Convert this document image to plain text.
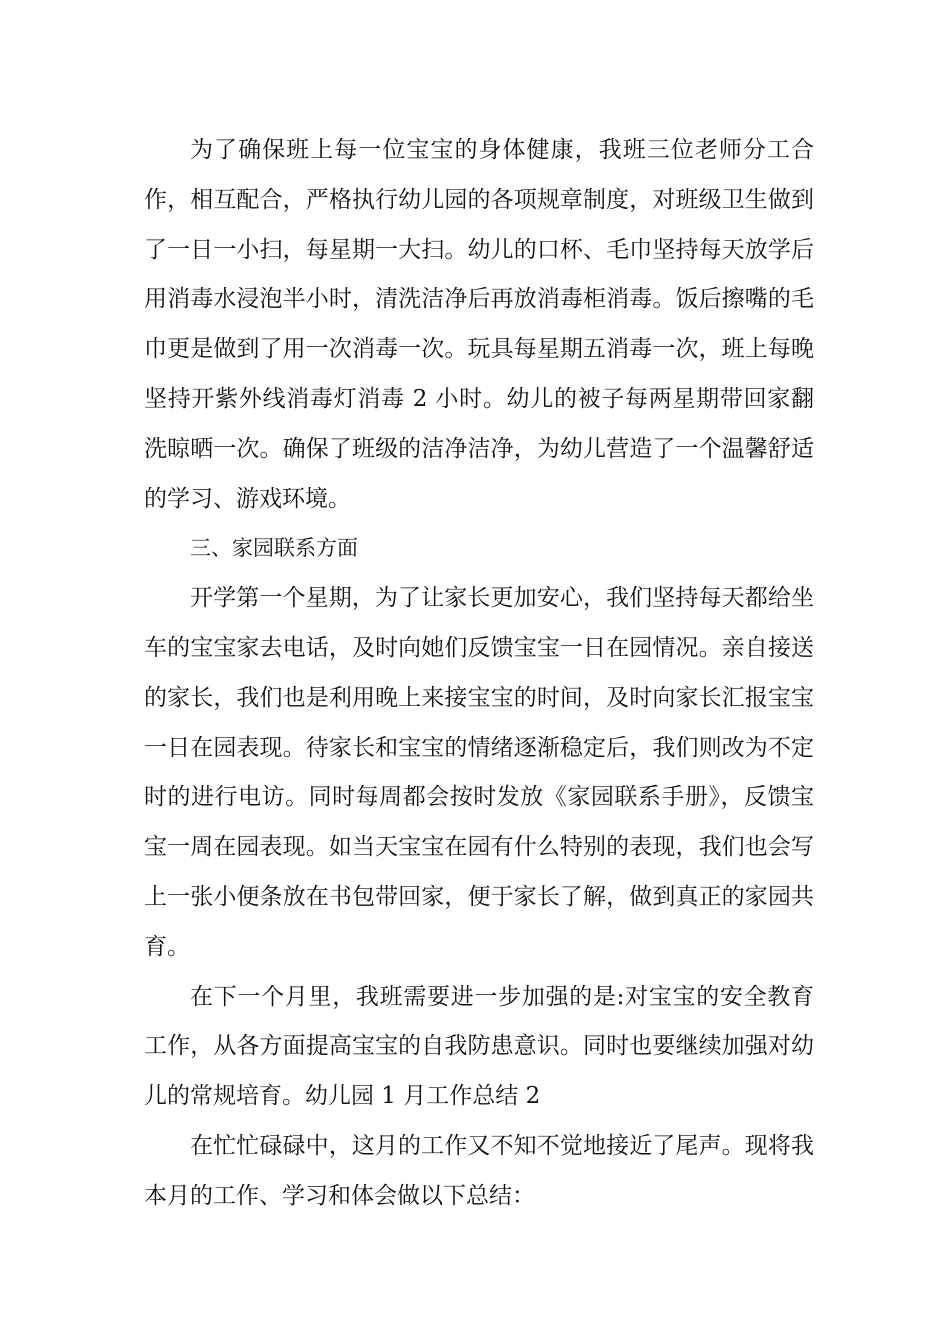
为了确保班上每一位宝宝的身体健康，我班三位老师分工合作，相互配合，严格执行幼儿园的各项规章制度，对班级卫生做到了一日一小扫，每星期一大扫。幼儿的口杯、毛巾坚持每天放学后用消毒水浸泡半小时，清洗洁净后再放消毒柜消毒。饭后擦嘴的毛巾更是做到了用一次消毒一次。玩具每星期五消毒一次，班上每晚坚持开紫外线消毒灯消毒 2 小时。幼儿的被子每两星期带回家翻洗晾晒一次。确保了班级的洁净洁净，为幼儿营造了一个温馨舒适的学习、游戏环境。

三、家园联系方面

开学第一个星期，为了让家长更加安心，我们坚持每天都给坐车的宝宝家去电话，及时向她们反馈宝宝一日在园情况。亲自接送的家长，我们也是利用晚上来接宝宝的时间，及时向家长汇报宝宝一日在园表现。待家长和宝宝的情绪逐渐稳定后，我们则改为不定时的进行电访。同时每周都会按时发放《家园联系手册》，反馈宝宝一周在园表现。如当天宝宝在园有什么特别的表现，我们也会写上一张小便条放在书包带回家，便于家长了解，做到真正的家园共育。

在下一个月里，我班需要进一步加强的是:对宝宝的安全教育工作，从各方面提高宝宝的自我防患意识。同时也要继续加强对幼儿的常规培育。幼儿园 1 月工作总结 2

在忙忙碌碌中，这月的工作又不知不觉地接近了尾声。现将我本月的工作、学习和体会做以下总结：
